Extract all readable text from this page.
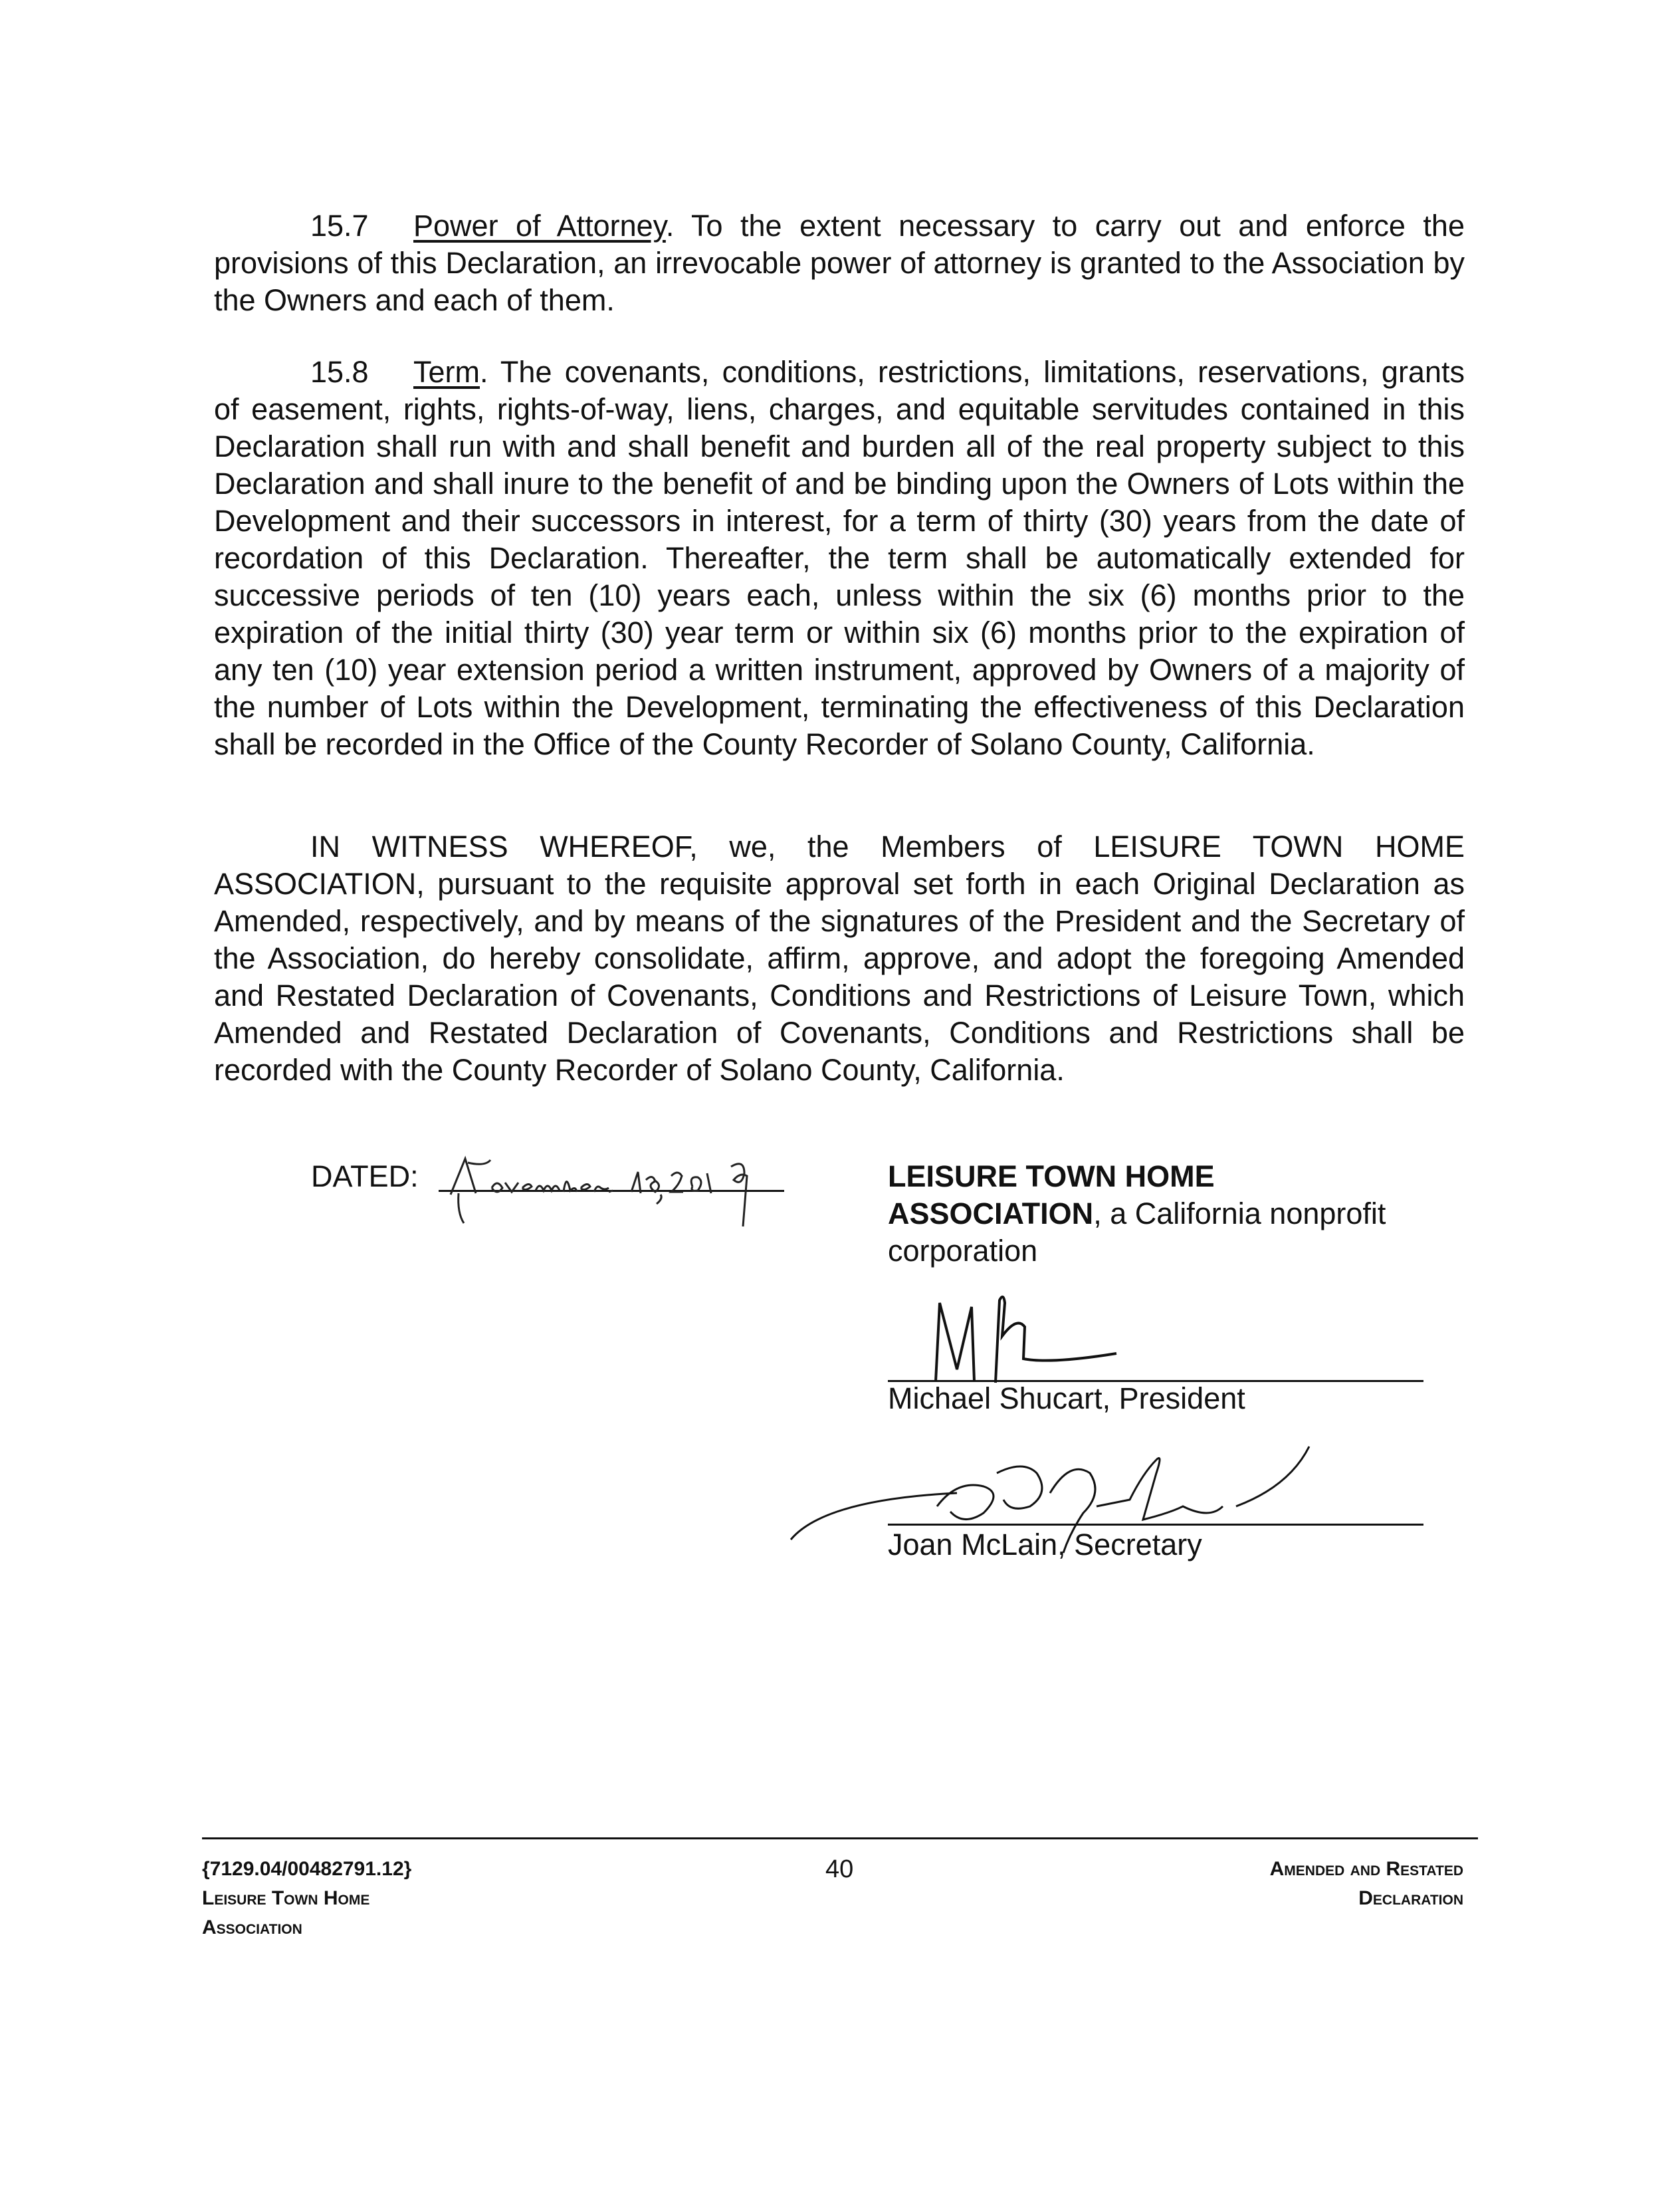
15.7 Power of Attorney. To the extent necessary to carry out and enforce the provisions of this Declaration, an irrevocable power of attorney is granted to the Association by the Owners and each of them.
15.8 Term. The covenants, conditions, restrictions, limitations, reservations, grants of easement, rights, rights-of-way, liens, charges, and equitable servitudes contained in this Declaration shall run with and shall benefit and burden all of the real property subject to this Declaration and shall inure to the benefit of and be binding upon the Owners of Lots within the Development and their successors in interest, for a term of thirty (30) years from the date of recordation of this Declaration. Thereafter, the term shall be automatically extended for successive periods of ten (10) years each, unless within the six (6) months prior to the expiration of the initial thirty (30) year term or within six (6) months prior to the expiration of any ten (10) year extension period a written instrument, approved by Owners of a majority of the number of Lots within the Development, terminating the effectiveness of this Declaration shall be recorded in the Office of the County Recorder of Solano County, California.
IN WITNESS WHEREOF, we, the Members of LEISURE TOWN HOME ASSOCIATION, pursuant to the requisite approval set forth in each Original Declaration as Amended, respectively, and by means of the signatures of the President and the Secretary of the Association, do hereby consolidate, affirm, approve, and adopt the foregoing Amended and Restated Declaration of Covenants, Conditions and Restrictions of Leisure Town, which Amended and Restated Declaration of Covenants, Conditions and Restrictions shall be recorded with the County Recorder of Solano County, California.
DATED:	LEISURE TOWN HOME
ASSOCIATION, a California nonprofit corporation
Michael Shucart, President
Joan McLain, Secretary
{7129.04/00482791.12}
Leisure Town Home
Association
40	Amended and Restated
Declaration
